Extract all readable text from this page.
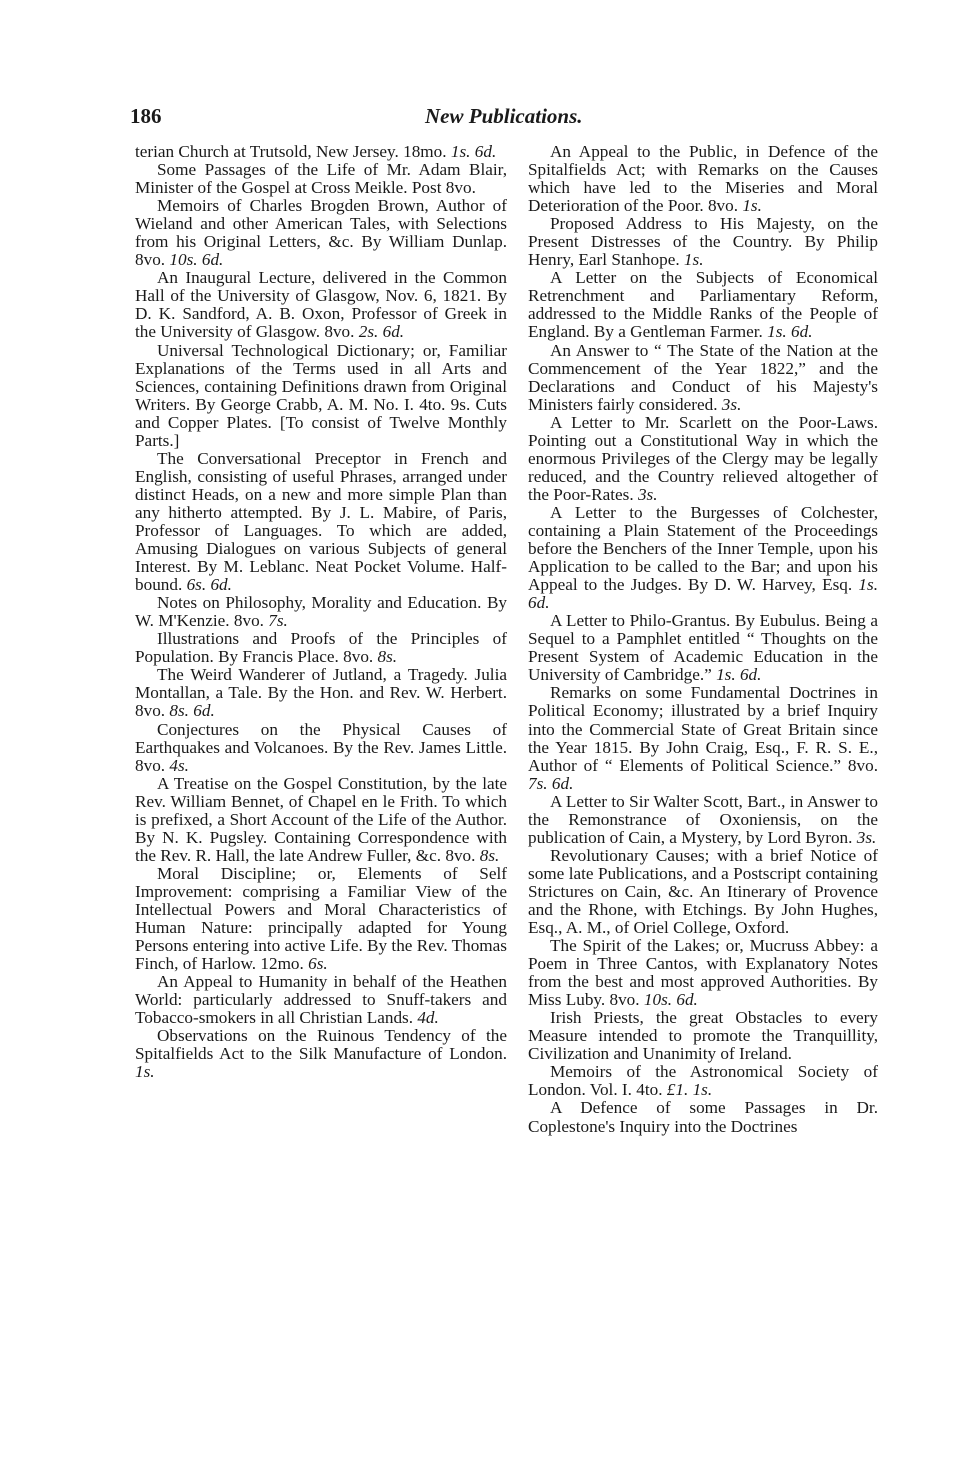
186	New Publications.

terian Church at Trutsold, New Jersey. 18mo. 1s. 6d.

Some Passages of the Life of Mr. Adam Blair, Minister of the Gospel at Cross Meikle. Post 8vo.

Memoirs of Charles Brogden Brown, Author of Wieland and other American Tales, with Selections from his Original Letters, &c. By William Dunlap. 8vo. 10s. 6d.

An Inaugural Lecture, delivered in the Common Hall of the University of Glasgow, Nov. 6, 1821. By D. K. Sandford, A. B. Oxon, Professor of Greek in the University of Glasgow. 8vo. 2s. 6d.

Universal Technological Dictionary; or, Familiar Explanations of the Terms used in all Arts and Sciences, containing Definitions drawn from Original Writers. By George Crabb, A. M. No. I. 4to. 9s. Cuts and Copper Plates. [To consist of Twelve Monthly Parts.]

The Conversational Preceptor in French and English, consisting of useful Phrases, arranged under distinct Heads, on a new and more simple Plan than any hitherto attempted. By J. L. Mabire, of Paris, Professor of Languages. To which are added, Amusing Dialogues on various Subjects of general Interest. By M. Leblanc. Neat Pocket Volume. Half-bound. 6s. 6d.

Notes on Philosophy, Morality and Education. By W. M'Kenzie. 8vo. 7s.

Illustrations and Proofs of the Principles of Population. By Francis Place. 8vo. 8s.

The Weird Wanderer of Jutland, a Tragedy. Julia Montallan, a Tale. By the Hon. and Rev. W. Herbert. 8vo. 8s. 6d.

Conjectures on the Physical Causes of Earthquakes and Volcanoes. By the Rev. James Little. 8vo. 4s.

A Treatise on the Gospel Constitution, by the late Rev. William Bennet, of Chapel en le Frith. To which is prefixed, a Short Account of the Life of the Author. By N. K. Pugsley. Containing Correspondence with the Rev. R. Hall, the late Andrew Fuller, &c. 8vo. 8s.

Moral Discipline; or, Elements of Self Improvement: comprising a Familiar View of the Intellectual Powers and Moral Characteristics of Human Nature: principally adapted for Young Persons entering into active Life. By the Rev. Thomas Finch, of Harlow. 12mo. 6s.

An Appeal to Humanity in behalf of the Heathen World: particularly addressed to Snuff-takers and Tobacco-smokers in all Christian Lands. 4d.

Observations on the Ruinous Tendency of the Spitalfields Act to the Silk Manufacture of London. 1s.

An Appeal to the Public, in Defence of the Spitalfields Act; with Remarks on the Causes which have led to the Miseries and Moral Deterioration of the Poor. 8vo. 1s.

Proposed Address to His Majesty, on the Present Distresses of the Country. By Philip Henry, Earl Stanhope. 1s.

A Letter on the Subjects of Economical Retrenchment and Parliamentary Reform, addressed to the Middle Ranks of the People of England. By a Gentleman Farmer. 1s. 6d.

An Answer to “ The State of the Nation at the Commencement of the Year 1822,” and the Declarations and Conduct of his Majesty's Ministers fairly considered. 3s.

A Letter to Mr. Scarlett on the Poor-Laws. Pointing out a Constitutional Way in which the enormous Privileges of the Clergy may be legally reduced, and the Country relieved altogether of the Poor-Rates. 3s.

A Letter to the Burgesses of Colchester, containing a Plain Statement of the Proceedings before the Benchers of the Inner Temple, upon his Application to be called to the Bar; and upon his Appeal to the Judges. By D. W. Harvey, Esq. 1s. 6d.

A Letter to Philo-Grantus. By Eubulus. Being a Sequel to a Pamphlet entitled “ Thoughts on the Present System of Academic Education in the University of Cambridge.” 1s. 6d.

Remarks on some Fundamental Doctrines in Political Economy; illustrated by a brief Inquiry into the Commercial State of Great Britain since the Year 1815. By John Craig, Esq., F. R. S. E., Author of “ Elements of Political Science.” 8vo. 7s. 6d.

A Letter to Sir Walter Scott, Bart., in Answer to the Remonstrance of Oxoniensis, on the publication of Cain, a Mystery, by Lord Byron. 3s.

Revolutionary Causes; with a brief Notice of some late Publications, and a Postscript containing Strictures on Cain, &c. An Itinerary of Provence and the Rhone, with Etchings. By John Hughes, Esq., A. M., of Oriel College, Oxford.

The Spirit of the Lakes; or, Mucruss Abbey: a Poem in Three Cantos, with Explanatory Notes from the best and most approved Authorities. By Miss Luby. 8vo. 10s. 6d.

Irish Priests, the great Obstacles to every Measure intended to promote the Tranquillity, Civilization and Unanimity of Ireland.

Memoirs of the Astronomical Society of London. Vol. I. 4to. £1. 1s.

A Defence of some Passages in Dr. Coplestone's Inquiry into the Doctrines
